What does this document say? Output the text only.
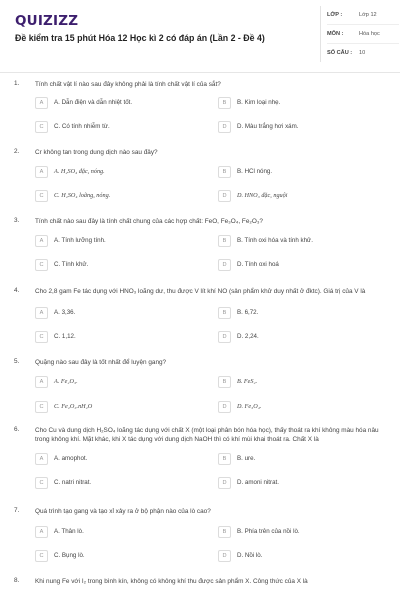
QUIZIZZ
Đề kiểm tra 15 phút Hóa 12 Học kì 2 có đáp án (Lần 2 - Đề 4)
LỚP :	Lớp 12
MÔN :	Hóa học
SỐ CÂU :	10
1. Tính chất vật lí nào sau đây không phải là tính chất vật lí của sắt?
A	A. Dẫn điện và dẫn nhiệt tốt.	B	B. Kim loại nhẹ.
C	C. Có tính nhiễm từ.	D	D. Màu trắng hơi xám.
2. Cr không tan trong dung dịch nào sau đây?
A	A. H₂SO₄ đặc, nóng.	B	B. HCl nóng.
C	C. H₂SO₄ loãng, nóng.	D	D. HNO₃ đặc, nguội
3. Tính chất nào sau đây là tính chất chung của các hợp chất: FeO, Fe₃O₄, Fe₂O₃?
A	A. Tính lưỡng tính.	B	B. Tính oxi hóa và tính khử.
C	C. Tính khử.	D	D. Tính oxi hoá
4. Cho 2,8 gam Fe tác dụng với HNO₃ loãng dư, thu được V lít khí NO (sản phẩm khử duy nhất ở đktc). Giá trị của V là
A	A. 3,36.	B	B. 6,72.
C	C. 1,12.	D	D. 2,24.
5. Quặng nào sau đây là tốt nhất để luyện gang?
A	A. Fe₂O₃.	B	B. FeS₂.
C	C. Fe₂O₃.nH₂O	D	D. Fe₃O₄.
6. Cho Cu và dung dịch H₂SO₄ loãng tác dụng với chất X (một loại phân bón hóa học), thấy thoát ra khí không màu hóa nâu trong không khí. Mặt khác, khi X tác dụng với dung dịch NaOH thì có khí mùi khai thoát ra. Chất X là
A	A. amophot.	B	B. ure.
C	C. natri nitrat.	D	D. amoni nitrat.
7. Quá trình tạo gang và tạo xỉ xảy ra ở bộ phận nào của lò cao?
A	A. Thân lò.	B	B. Phía trên của nồi lò.
C	C. Bụng lò.	D	D. Nồi lò.
8. Khi nung Fe với I₂ trong bình kín, không có không khí thu được sản phẩm X. Công thức của X là
